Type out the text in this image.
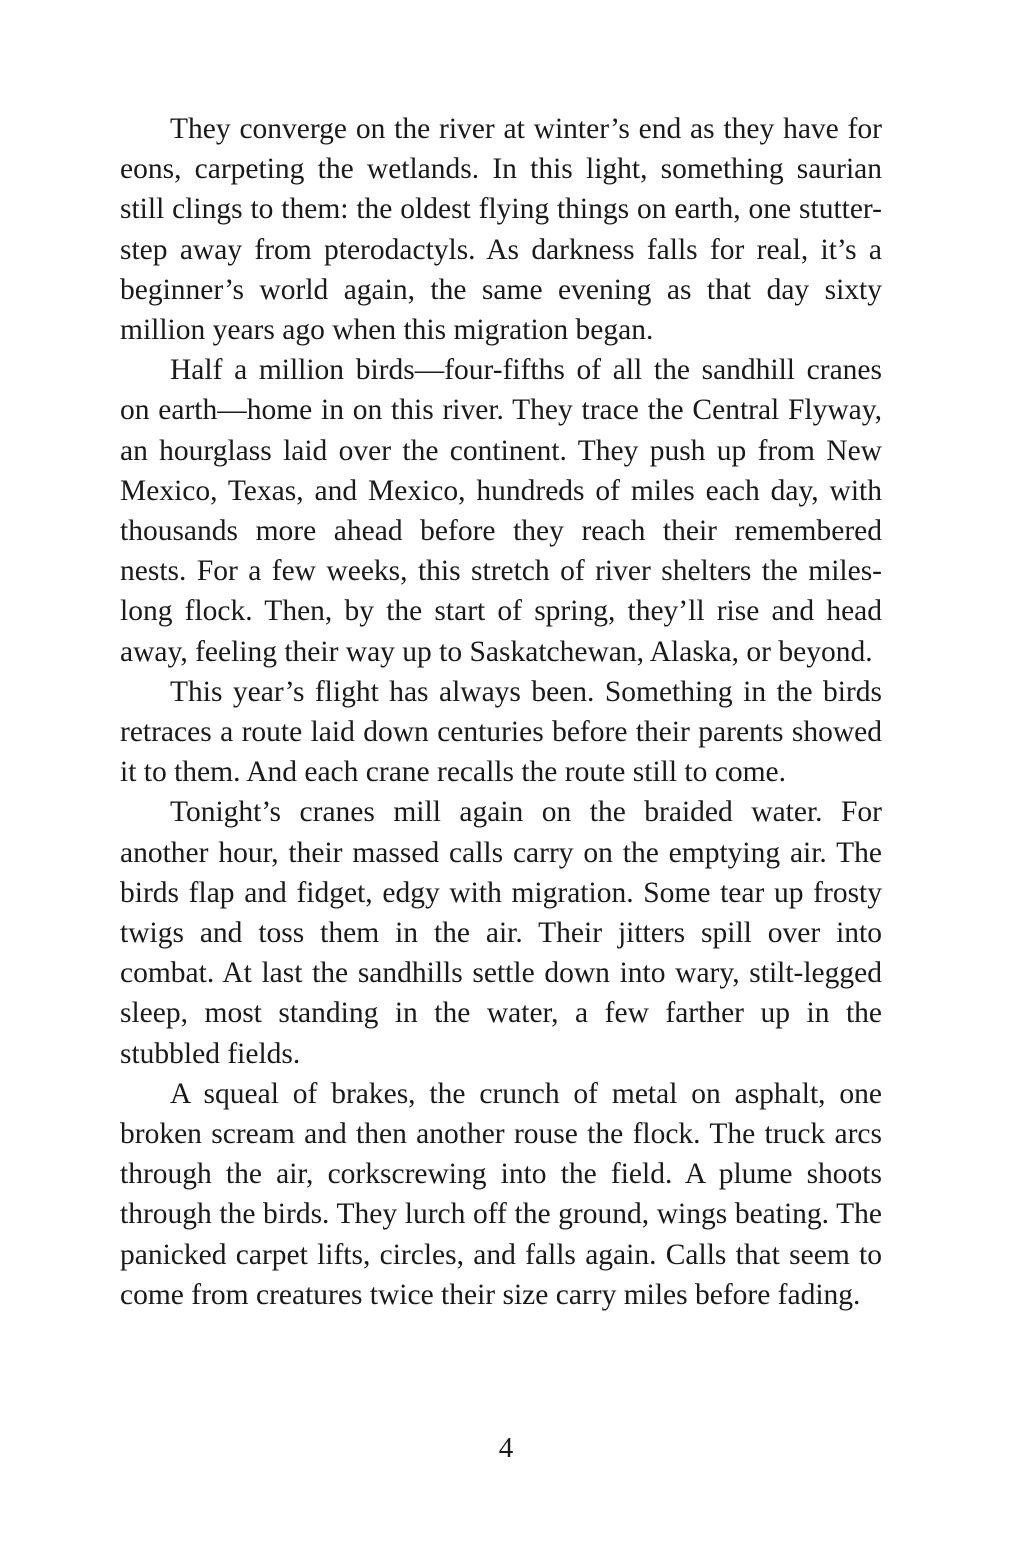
They converge on the river at winter’s end as they have for eons, carpeting the wetlands. In this light, something saurian still clings to them: the oldest flying things on earth, one stutter-step away from pterodactyls. As darkness falls for real, it’s a beginner’s world again, the same evening as that day sixty million years ago when this migration began.

Half a million birds—four-fifths of all the sandhill cranes on earth—home in on this river. They trace the Central Flyway, an hourglass laid over the continent. They push up from New Mexico, Texas, and Mexico, hundreds of miles each day, with thousands more ahead before they reach their remembered nests. For a few weeks, this stretch of river shelters the miles-long flock. Then, by the start of spring, they’ll rise and head away, feeling their way up to Saskatchewan, Alaska, or beyond.

This year’s flight has always been. Something in the birds retraces a route laid down centuries before their parents showed it to them. And each crane recalls the route still to come.

Tonight’s cranes mill again on the braided water. For another hour, their massed calls carry on the emptying air. The birds flap and fidget, edgy with migration. Some tear up frosty twigs and toss them in the air. Their jitters spill over into combat. At last the sandhills settle down into wary, stilt-legged sleep, most standing in the water, a few farther up in the stubbled fields.

A squeal of brakes, the crunch of metal on asphalt, one broken scream and then another rouse the flock. The truck arcs through the air, corkscrewing into the field. A plume shoots through the birds. They lurch off the ground, wings beating. The panicked carpet lifts, circles, and falls again. Calls that seem to come from creatures twice their size carry miles before fading.

4
